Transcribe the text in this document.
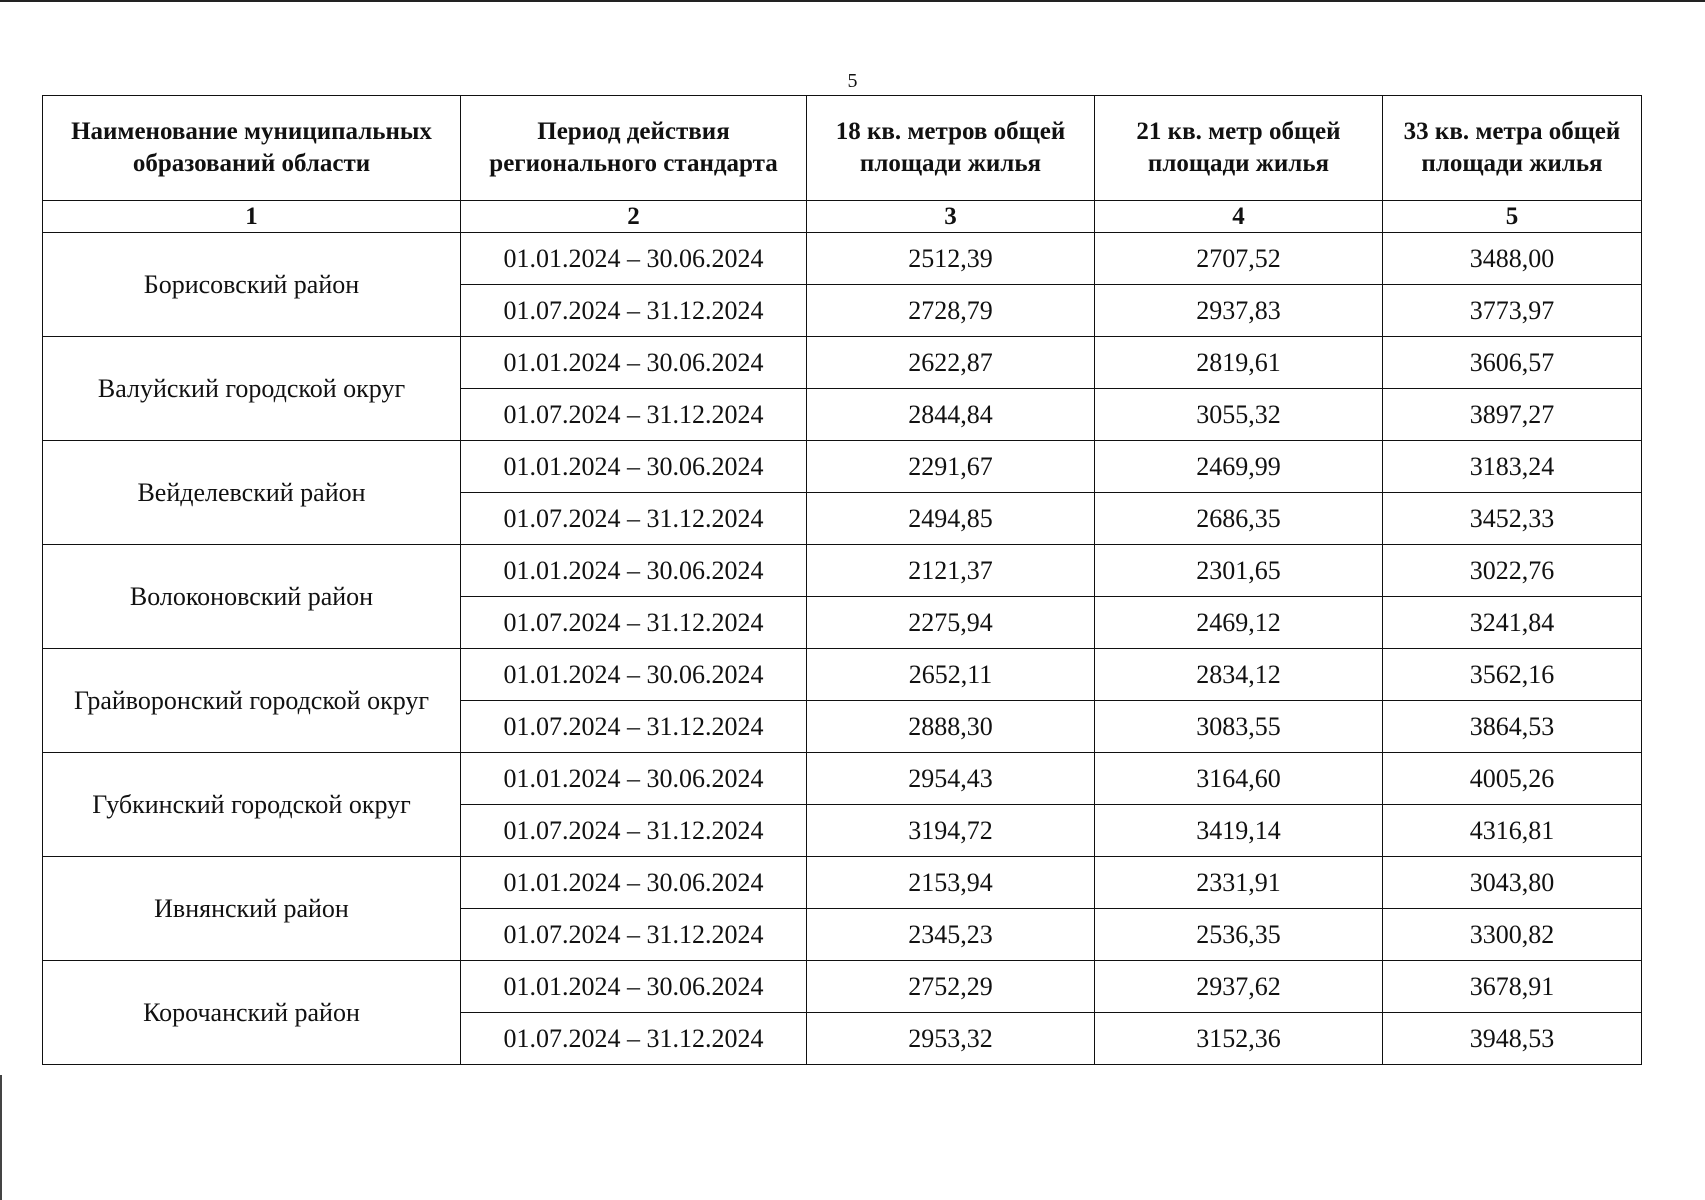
5
Наименование муниципальных образований области	Период действия регионального стандарта	18 кв. метров общей площади жилья	21 кв. метр общей площади жилья	33 кв. метра общей площади жилья
1	2	3	4	5
Борисовский район	01.01.2024 – 30.06.2024	2512,39	2707,52	3488,00
	01.07.2024 – 31.12.2024	2728,79	2937,83	3773,97
Валуйский городской округ	01.01.2024 – 30.06.2024	2622,87	2819,61	3606,57
	01.07.2024 – 31.12.2024	2844,84	3055,32	3897,27
Вейделевский район	01.01.2024 – 30.06.2024	2291,67	2469,99	3183,24
	01.07.2024 – 31.12.2024	2494,85	2686,35	3452,33
Волоконовский район	01.01.2024 – 30.06.2024	2121,37	2301,65	3022,76
	01.07.2024 – 31.12.2024	2275,94	2469,12	3241,84
Грайворонский городской округ	01.01.2024 – 30.06.2024	2652,11	2834,12	3562,16
	01.07.2024 – 31.12.2024	2888,30	3083,55	3864,53
Губкинский городской округ	01.01.2024 – 30.06.2024	2954,43	3164,60	4005,26
	01.07.2024 – 31.12.2024	3194,72	3419,14	4316,81
Ивнянский район	01.01.2024 – 30.06.2024	2153,94	2331,91	3043,80
	01.07.2024 – 31.12.2024	2345,23	2536,35	3300,82
Корочанский район	01.01.2024 – 30.06.2024	2752,29	2937,62	3678,91
	01.07.2024 – 31.12.2024	2953,32	3152,36	3948,53
